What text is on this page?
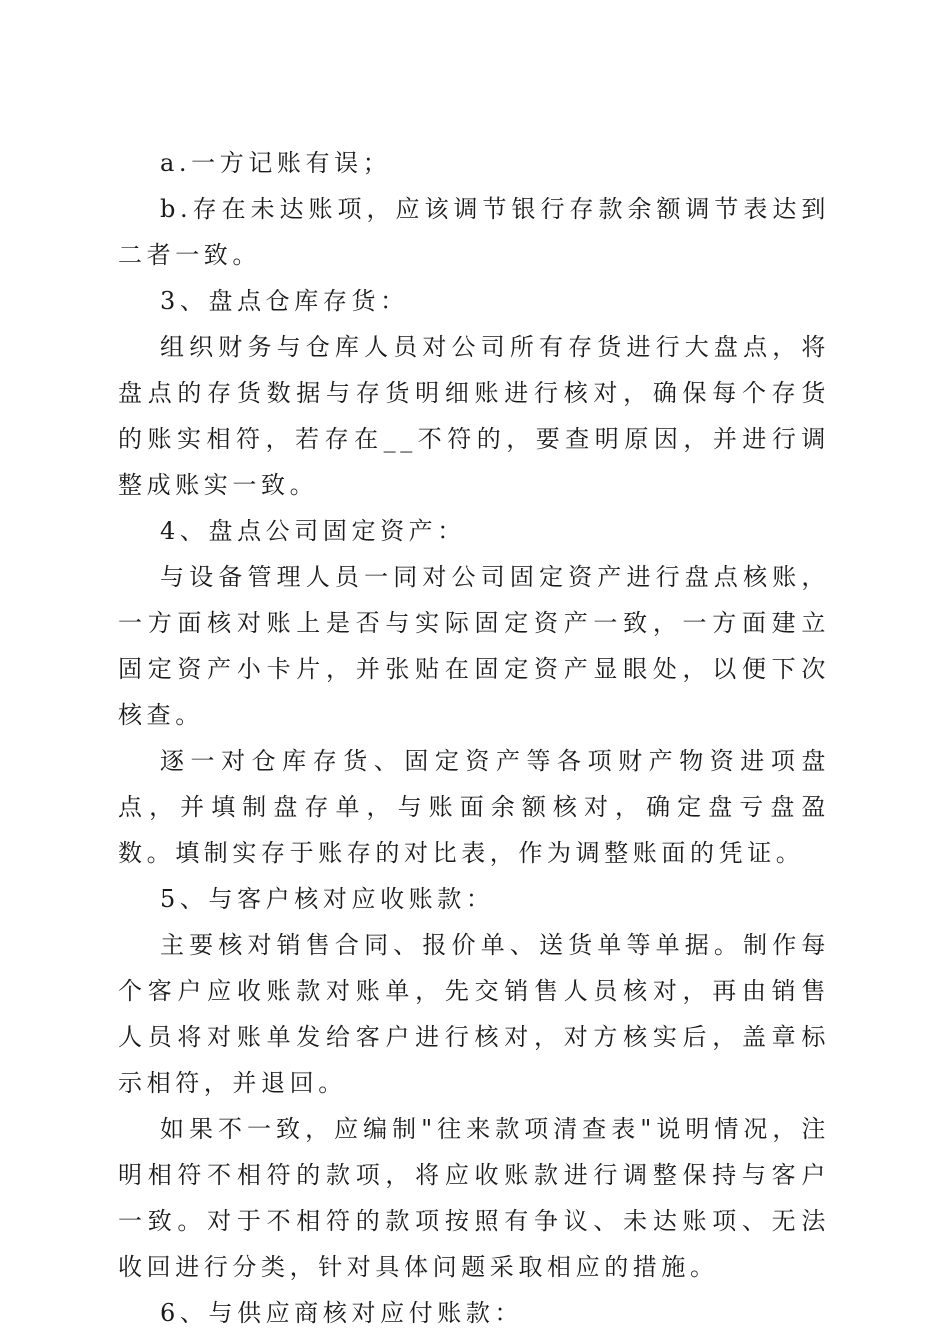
a.一方记账有误；

b.存在未达账项，应该调节银行存款余额调节表达到二者一致。

3、盘点仓库存货：

组织财务与仓库人员对公司所有存货进行大盘点，将盘点的存货数据与存货明细账进行核对，确保每个存货的账实相符，若存在__不符的，要查明原因，并进行调整成账实一致。

4、盘点公司固定资产：

与设备管理人员一同对公司固定资产进行盘点核账，一方面核对账上是否与实际固定资产一致，一方面建立固定资产小卡片，并张贴在固定资产显眼处，以便下次核查。

逐一对仓库存货、固定资产等各项财产物资进项盘点，并填制盘存单，与账面余额核对，确定盘亏盘盈数。填制实存于账存的对比表，作为调整账面的凭证。

5、与客户核对应收账款：

主要核对销售合同、报价单、送货单等单据。制作每个客户应收账款对账单，先交销售人员核对，再由销售人员将对账单发给客户进行核对，对方核实后，盖章标示相符，并退回。

如果不一致，应编制"往来款项清查表"说明情况，注明相符不相符的款项，将应收账款进行调整保持与客户一致。对于不相符的款项按照有争议、未达账项、无法收回进行分类，针对具体问题采取相应的措施。

6、与供应商核对应付账款：
